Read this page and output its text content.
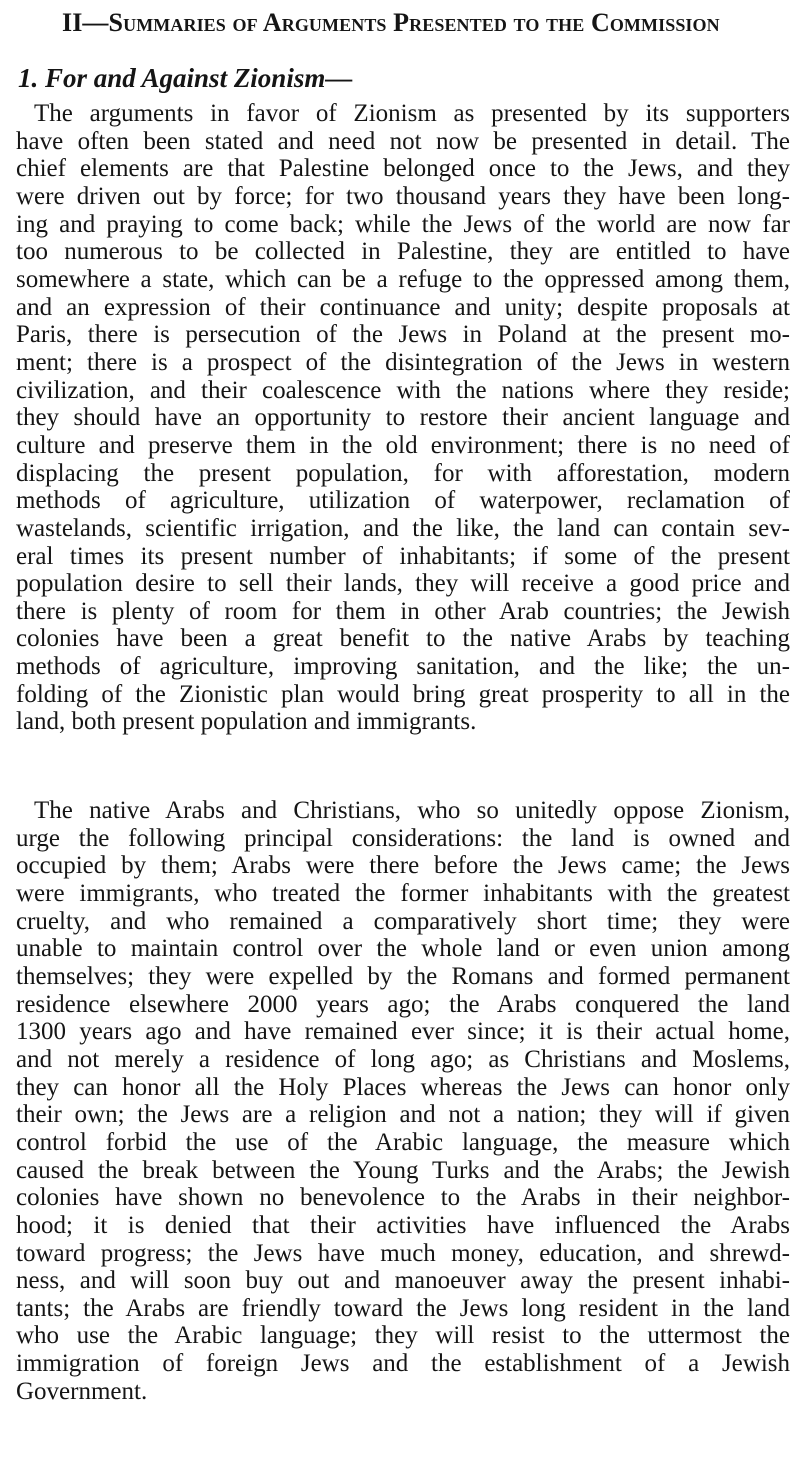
II—Summaries of Arguments Presented to the Commission
1. For and Against Zionism—
The arguments in favor of Zionism as presented by its supporters
have often been stated and need not now be presented in detail. The
chief elements are that Palestine belonged once to the Jews, and they
were driven out by force; for two thousand years they have been long-
ing and praying to come back; while the Jews of the world are now far
too numerous to be collected in Palestine, they are entitled to have
somewhere a state, which can be a refuge to the oppressed among them,
and an expression of their continuance and unity; despite proposals at
Paris, there is persecution of the Jews in Poland at the present mo-
ment; there is a prospect of the disintegration of the Jews in western
civilization, and their coalescence with the nations where they reside;
they should have an opportunity to restore their ancient language and
culture and preserve them in the old environment; there is no need of
displacing the present population, for with afforestation, modern
methods of agriculture, utilization of waterpower, reclamation of
wastelands, scientific irrigation, and the like, the land can contain sev-
eral times its present number of inhabitants; if some of the present
population desire to sell their lands, they will receive a good price and
there is plenty of room for them in other Arab countries; the Jewish
colonies have been a great benefit to the native Arabs by teaching
methods of agriculture, improving sanitation, and the like; the un-
folding of the Zionistic plan would bring great prosperity to all in the
land, both present population and immigrants.
The native Arabs and Christians, who so unitedly oppose Zionism,
urge the following principal considerations: the land is owned and
occupied by them; Arabs were there before the Jews came; the Jews
were immigrants, who treated the former inhabitants with the greatest
cruelty, and who remained a comparatively short time; they were
unable to maintain control over the whole land or even union among
themselves; they were expelled by the Romans and formed permanent
residence elsewhere 2000 years ago; the Arabs conquered the land
1300 years ago and have remained ever since; it is their actual home,
and not merely a residence of long ago; as Christians and Moslems,
they can honor all the Holy Places whereas the Jews can honor only
their own; the Jews are a religion and not a nation; they will if given
control forbid the use of the Arabic language, the measure which
caused the break between the Young Turks and the Arabs; the Jewish
colonies have shown no benevolence to the Arabs in their neighbor-
hood; it is denied that their activities have influenced the Arabs
toward progress; the Jews have much money, education, and shrewd-
ness, and will soon buy out and manoeuver away the present inhabi-
tants; the Arabs are friendly toward the Jews long resident in the land
who use the Arabic language; they will resist to the uttermost the
immigration of foreign Jews and the establishment of a Jewish
Government.
